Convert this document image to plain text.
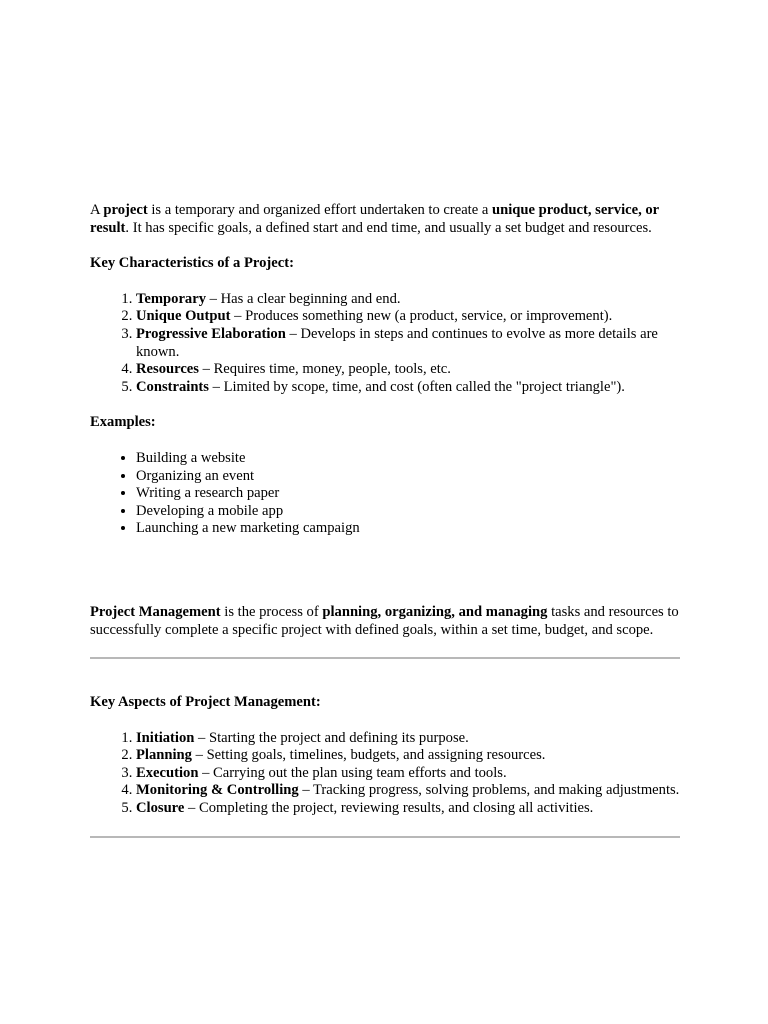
A project is a temporary and organized effort undertaken to create a unique product, service, or result. It has specific goals, a defined start and end time, and usually a set budget and resources.

Key Characteristics of a Project:

1. Temporary – Has a clear beginning and end.
2. Unique Output – Produces something new (a product, service, or improvement).
3. Progressive Elaboration – Develops in steps and continues to evolve as more details are known.
4. Resources – Requires time, money, people, tools, etc.
5. Constraints – Limited by scope, time, and cost (often called the "project triangle").

Examples:

• Building a website
• Organizing an event
• Writing a research paper
• Developing a mobile app
• Launching a new marketing campaign

Project Management is the process of planning, organizing, and managing tasks and resources to successfully complete a specific project with defined goals, within a set time, budget, and scope.

Key Aspects of Project Management:

1. Initiation – Starting the project and defining its purpose.
2. Planning – Setting goals, timelines, budgets, and assigning resources.
3. Execution – Carrying out the plan using team efforts and tools.
4. Monitoring & Controlling – Tracking progress, solving problems, and making adjustments.
5. Closure – Completing the project, reviewing results, and closing all activities.
